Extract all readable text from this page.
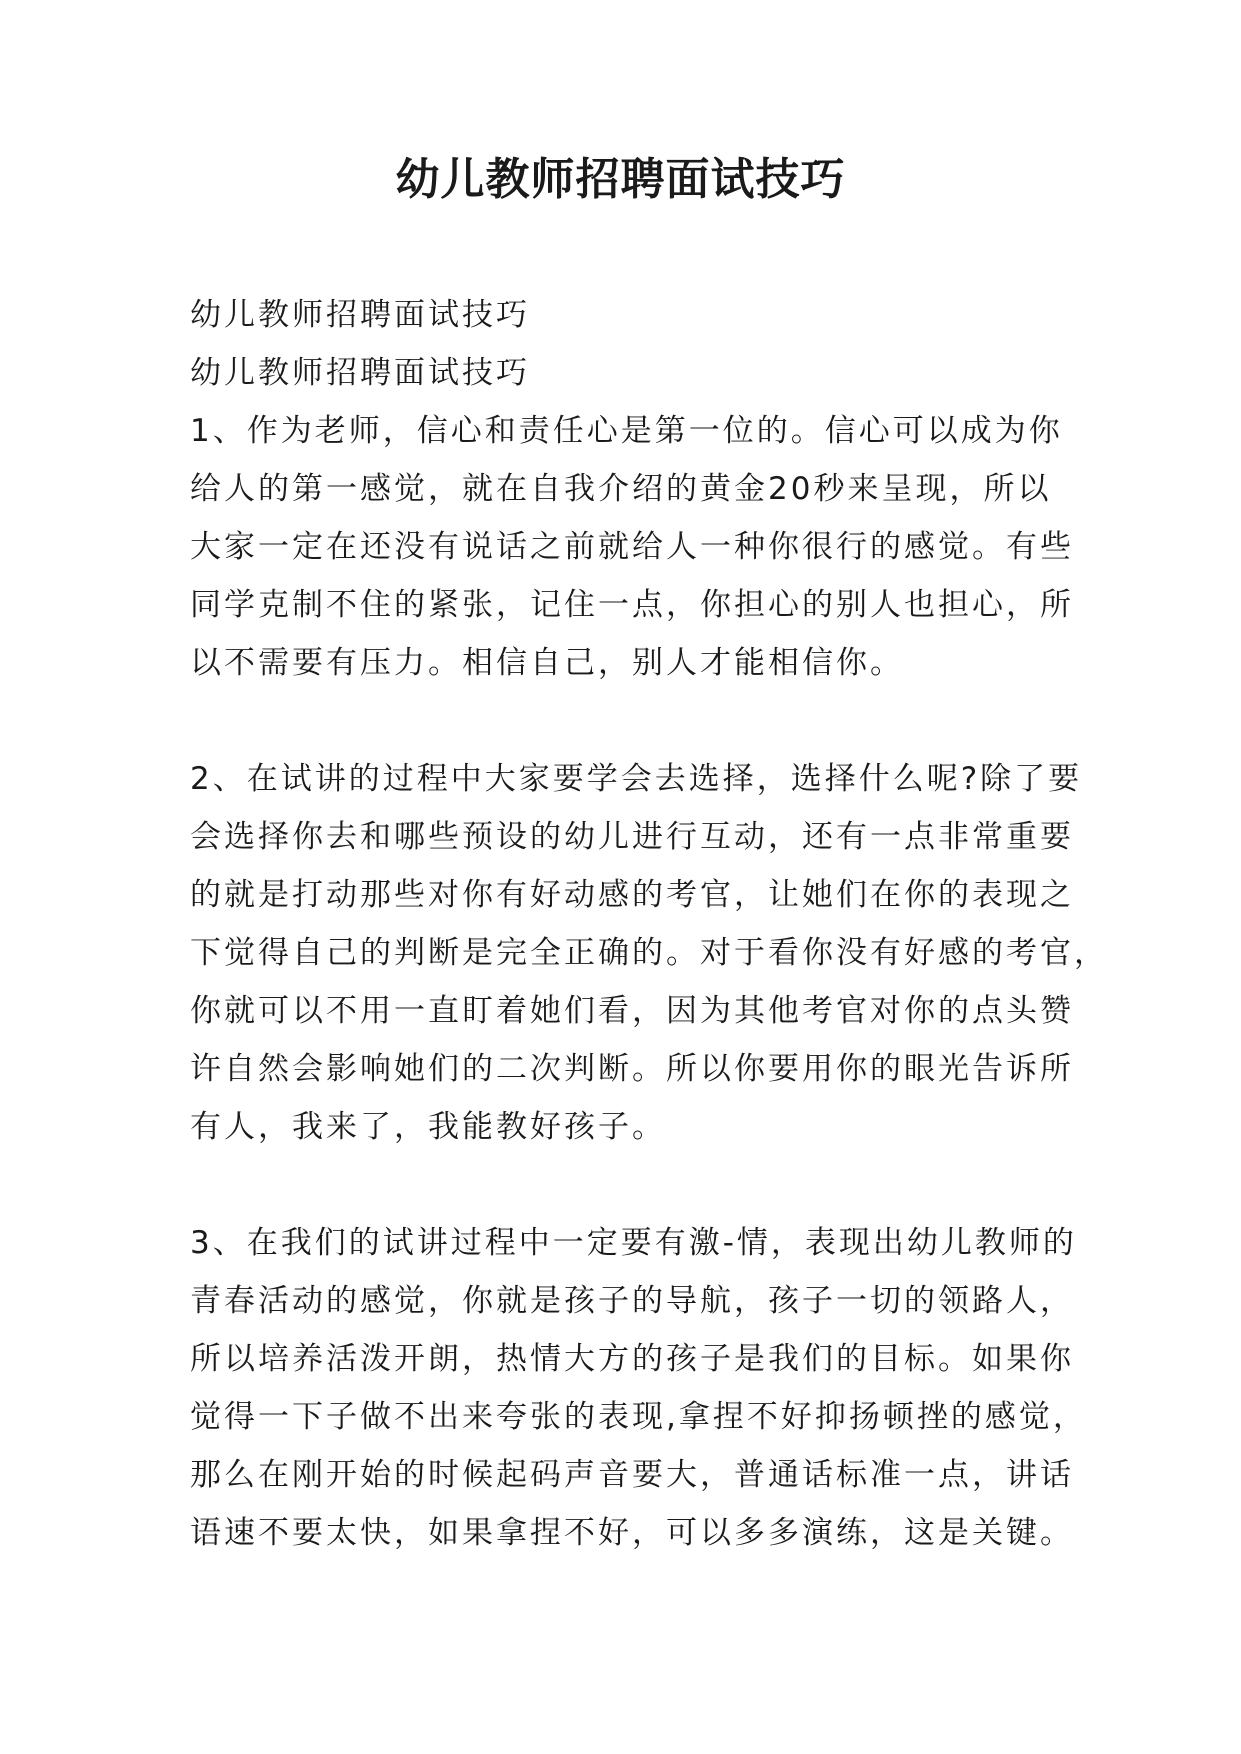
幼儿教师招聘面试技巧
幼儿教师招聘面试技巧
幼儿教师招聘面试技巧
1、作为老师，信心和责任心是第一位的。信心可以成为你
给人的第一感觉，就在自我介绍的黄金20秒来呈现，所以
大家一定在还没有说话之前就给人一种你很行的感觉。有些
同学克制不住的紧张，记住一点，你担心的别人也担心，所
以不需要有压力。相信自己，别人才能相信你。
2、在试讲的过程中大家要学会去选择，选择什么呢?除了要
会选择你去和哪些预设的幼儿进行互动，还有一点非常重要
的就是打动那些对你有好动感的考官，让她们在你的表现之
下觉得自己的判断是完全正确的。对于看你没有好感的考官，
你就可以不用一直盯着她们看，因为其他考官对你的点头赞
许自然会影响她们的二次判断。所以你要用你的眼光告诉所
有人，我来了，我能教好孩子。
3、在我们的试讲过程中一定要有激-情，表现出幼儿教师的
青春活动的感觉，你就是孩子的导航，孩子一切的领路人，
所以培养活泼开朗，热情大方的孩子是我们的目标。如果你
觉得一下子做不出来夸张的表现,拿捏不好抑扬顿挫的感觉，
那么在刚开始的时候起码声音要大，普通话标准一点，讲话
语速不要太快，如果拿捏不好，可以多多演练，这是关键。
